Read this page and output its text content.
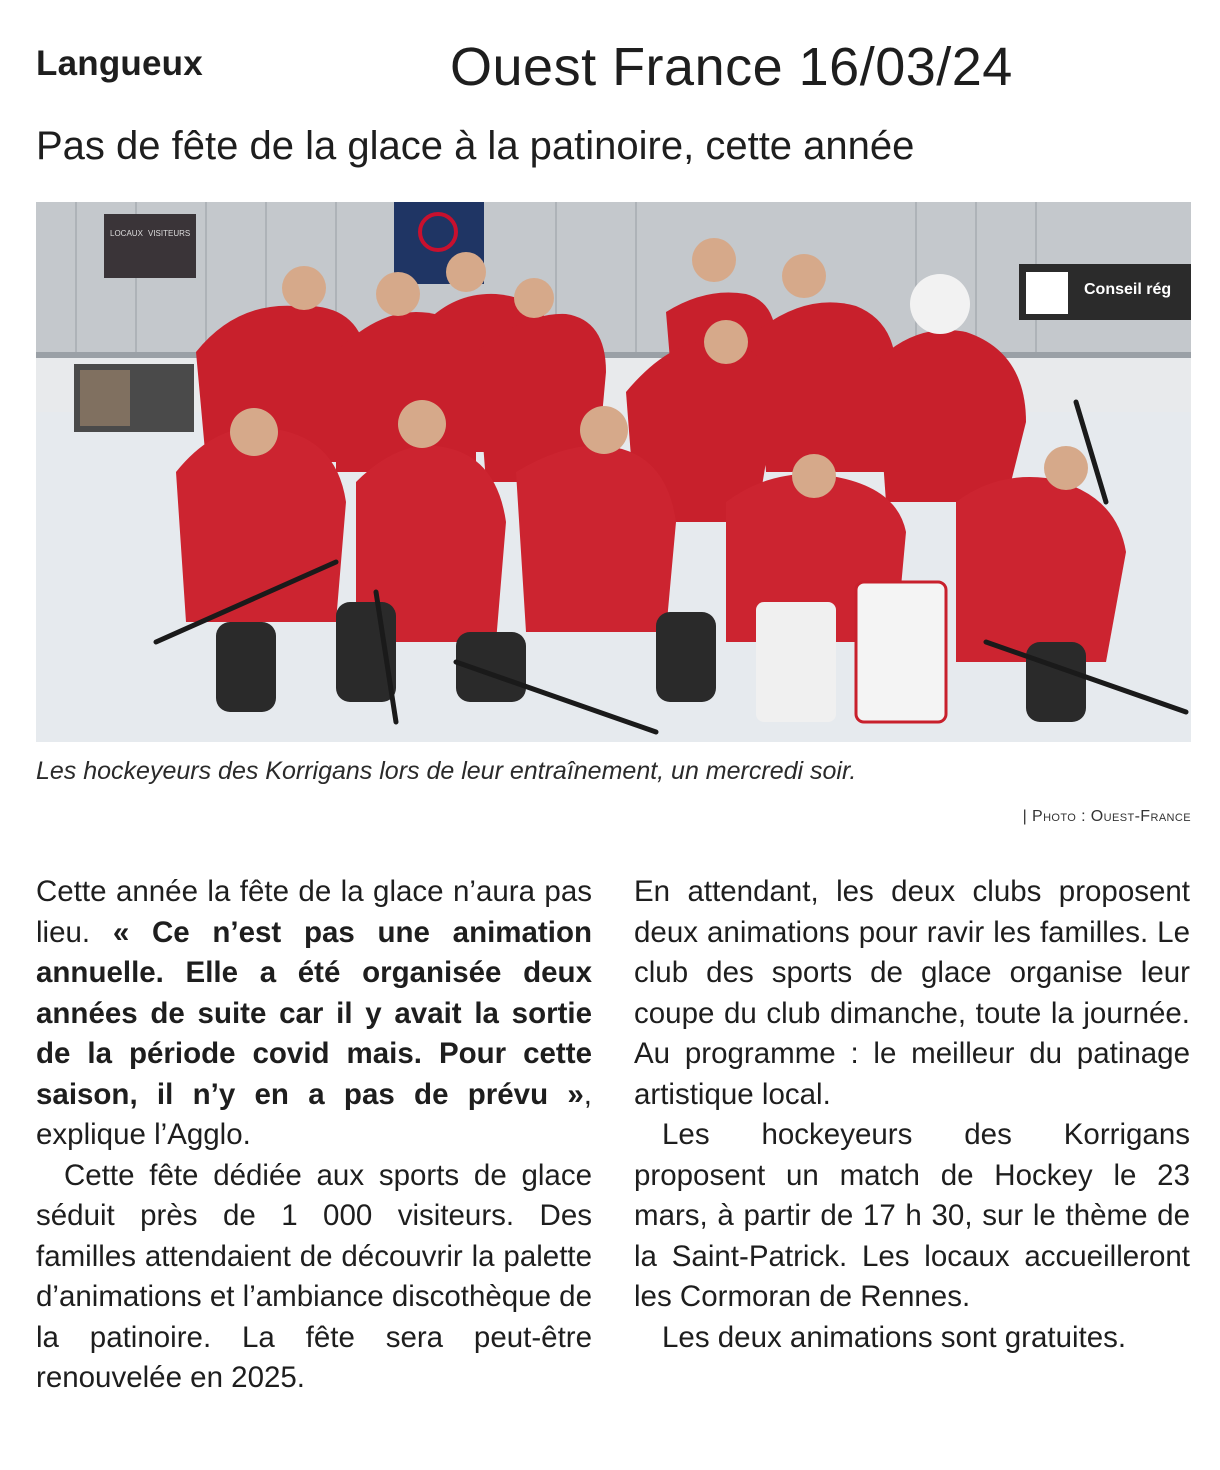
Langueux	Ouest France 16/03/24
Pas de fête de la glace à la patinoire, cette année
LOCAUX VISITEURS
Conseil rég
Les hockeyeurs des Korrigans lors de leur entraînement, un mercredi soir.
| Photo : Ouest-France

Cette année la fête de la glace n’aura pas lieu. « Ce n’est pas une animation annuelle. Elle a été organisée deux années de suite car il y avait la sortie de la période covid mais. Pour cette saison, il n’y en a pas de prévu », explique l’Agglo.

Cette fête dédiée aux sports de glace séduit près de 1 000 visiteurs. Des familles attendaient de découvrir la palette d’animations et l’ambiance discothèque de la patinoire. La fête sera peut-être renouvelée en 2025.

En attendant, les deux clubs proposent deux animations pour ravir les familles. Le club des sports de glace organise leur coupe du club dimanche, toute la journée. Au programme : le meilleur du patinage artistique local.

Les hockeyeurs des Korrigans proposent un match de Hockey le 23 mars, à partir de 17 h 30, sur le thème de la Saint-Patrick. Les locaux accueilleront les Cormoran de Rennes.

Les deux animations sont gratuites.
